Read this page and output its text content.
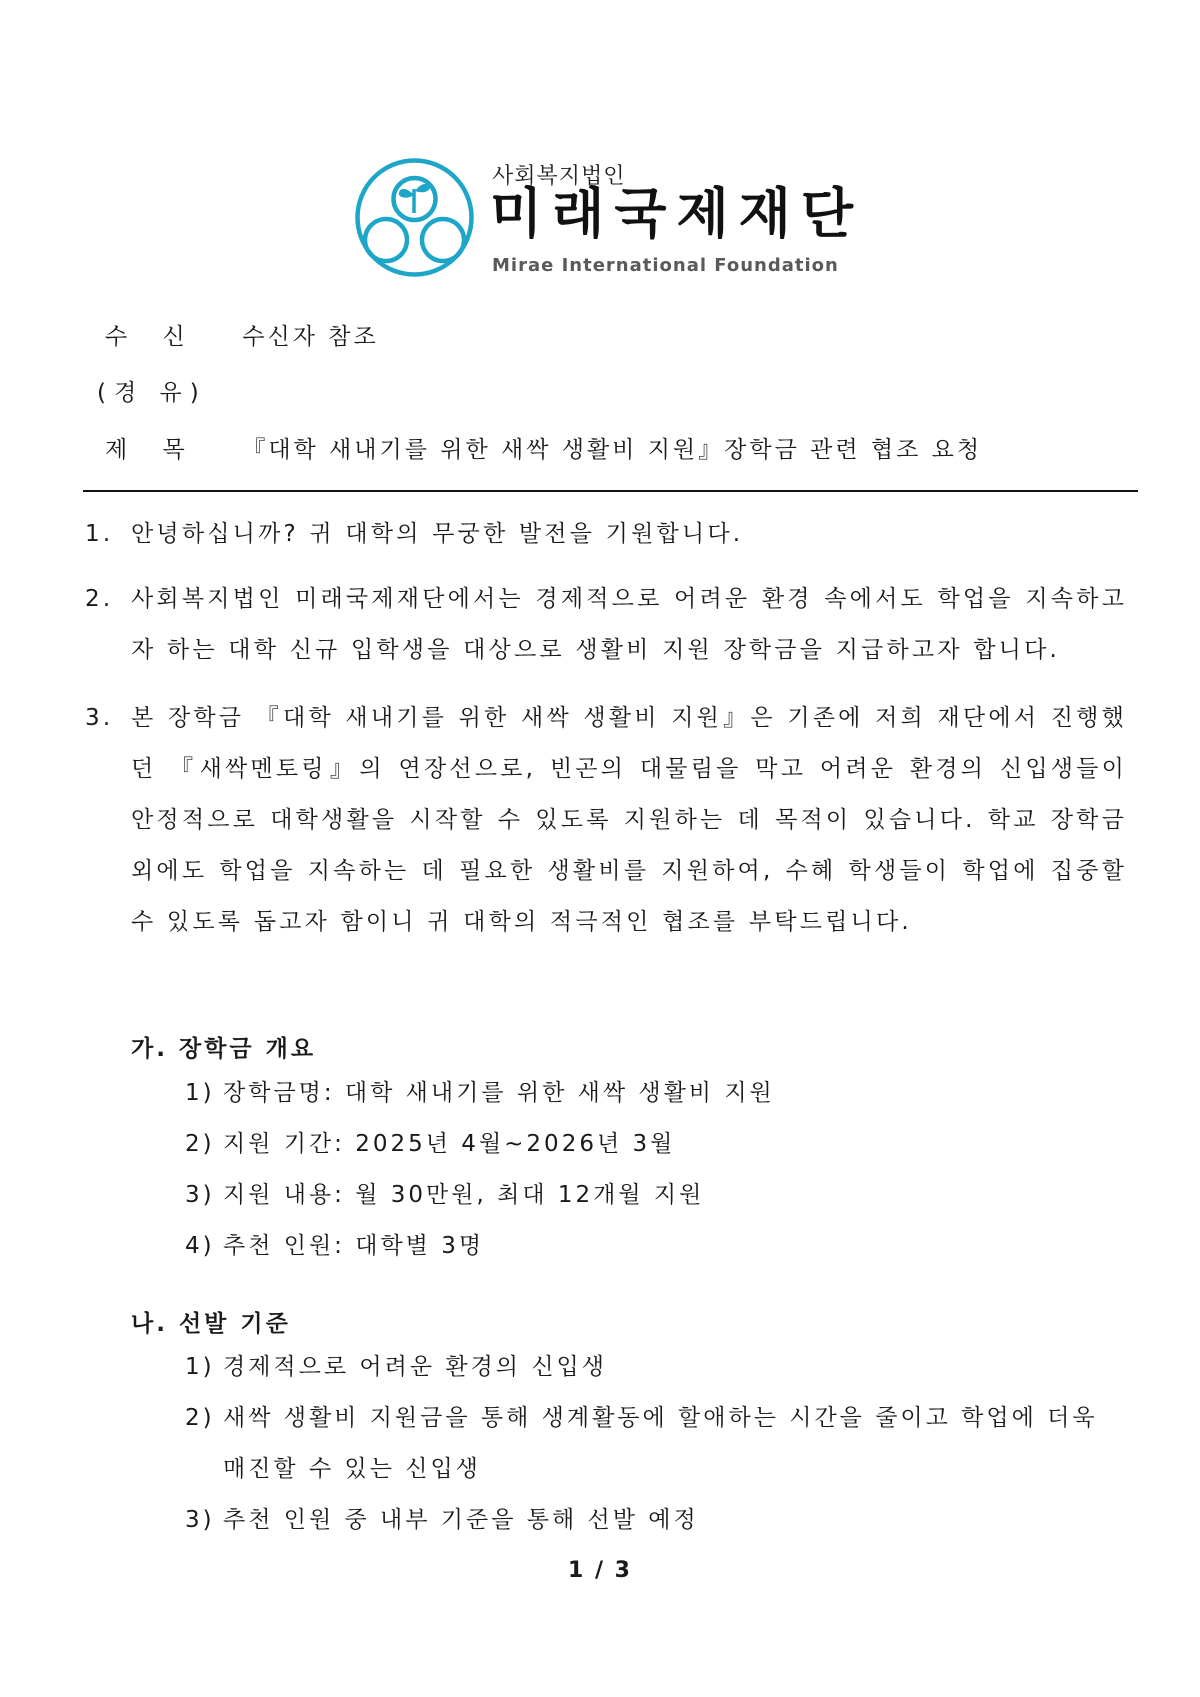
사회복지법인
미래국제재단
Mirae International Foundation
수 신 수신자 참조
(경 유)
제 목 『대학 새내기를 위한 새싹 생활비 지원』장학금 관련 협조 요청
1. 안녕하십니까? 귀 대학의 무궁한 발전을 기원합니다.
2. 사회복지법인 미래국제재단에서는 경제적으로 어려운 환경 속에서도 학업을 지속하고자 하는 대학 신규 입학생을 대상으로 생활비 지원 장학금을 지급하고자 합니다.
3. 본 장학금 『대학 새내기를 위한 새싹 생활비 지원』은 기존에 저희 재단에서 진행했던 『새싹멘토링』의 연장선으로, 빈곤의 대물림을 막고 어려운 환경의 신입생들이 안정적으로 대학생활을 시작할 수 있도록 지원하는 데 목적이 있습니다. 학교 장학금 외에도 학업을 지속하는 데 필요한 생활비를 지원하여, 수혜 학생들이 학업에 집중할 수 있도록 돕고자 함이니 귀 대학의 적극적인 협조를 부탁드립니다.
가. 장학금 개요
1) 장학금명: 대학 새내기를 위한 새싹 생활비 지원
2) 지원 기간: 2025년 4월~2026년 3월
3) 지원 내용: 월 30만원, 최대 12개월 지원
4) 추천 인원: 대학별 3명
나. 선발 기준
1) 경제적으로 어려운 환경의 신입생
2) 새싹 생활비 지원금을 통해 생계활동에 할애하는 시간을 줄이고 학업에 더욱 매진할 수 있는 신입생
3) 추천 인원 중 내부 기준을 통해 선발 예정
1 / 3
